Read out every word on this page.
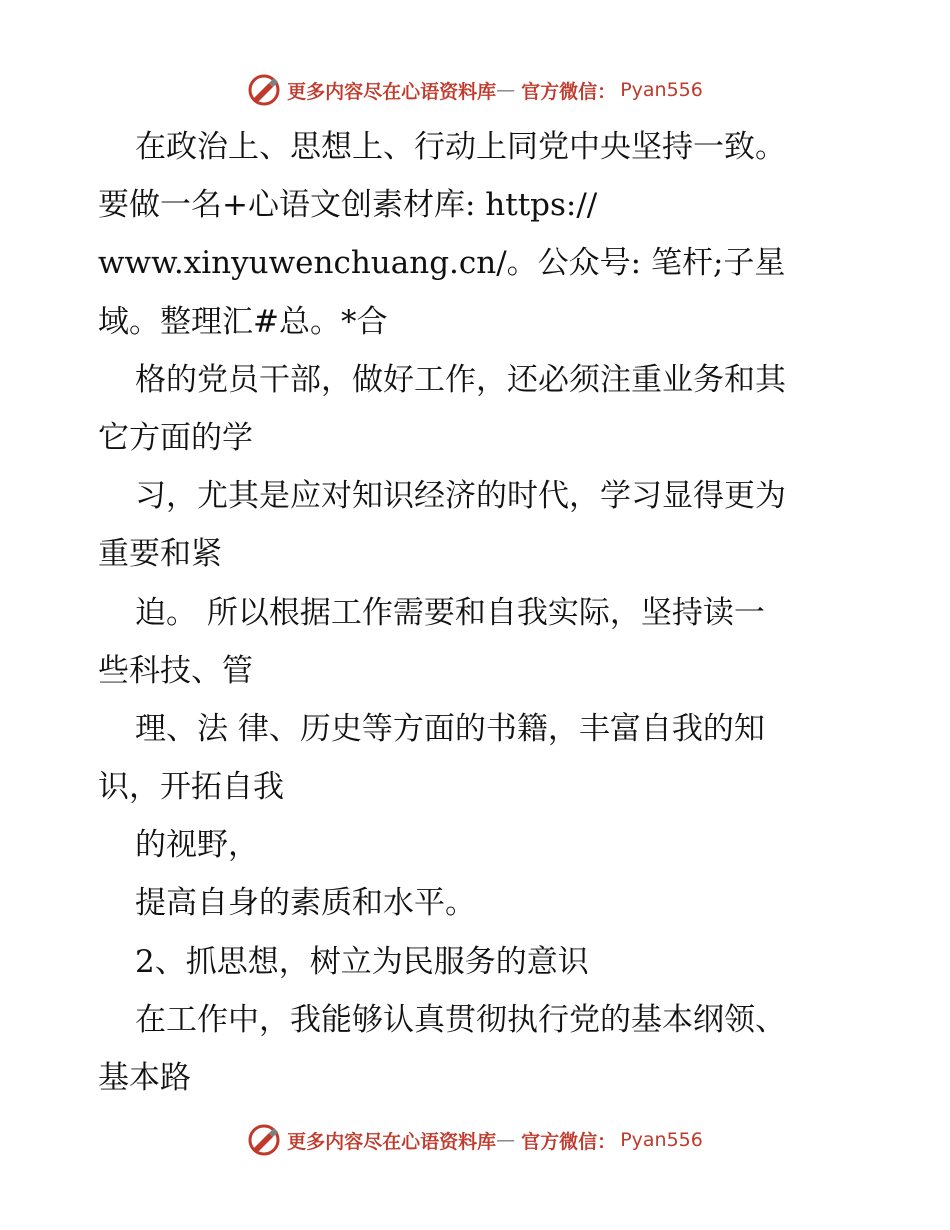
更多内容尽在心语资料库 — 官方微信： Pyan556
在政治上、思想上、行动上同党中央坚持一致。
要做一名+心语文创素材库: https://
www.xinyuwenchuang.cn/。公众号: 笔杆;子星
域。整理汇#总。*合
格的党员干部，做好工作，还必须注重业务和其
它方面的学
习，尤其是应对知识经济的时代，学习显得更为
重要和紧
迫。 所以根据工作需要和自我实际，坚持读一
些科技、管
理、法 律、历史等方面的书籍，丰富自我的知
识，开拓自我
的视野，
提高自身的素质和水平。
2、抓思想，树立为民服务的意识
在工作中，我能够认真贯彻执行党的基本纲领、
基本路
更多内容尽在心语资料库 — 官方微信： Pyan556
